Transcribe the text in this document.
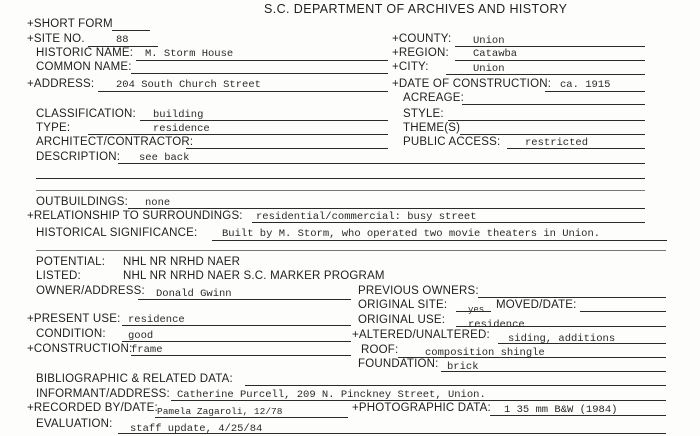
S.C. DEPARTMENT OF ARCHIVES AND HISTORY
+SHORT FORM
+SITE NO.	88	+COUNTY: Union
HISTORIC NAME: M. Storm House	+REGION: Catawba
COMMON NAME:	+CITY:	Union
+ADDRESS: 204 South Church Street	+DATE OF CONSTRUCTION: ca. 1915
ACREAGE:
CLASSIFICATION: building	STYLE:
TYPE:	residence	THEME(S)
ARCHITECT/CONTRACTOR:	PUBLIC ACCESS: restricted
DESCRIPTION: see back
OUTBUILDINGS: none
+RELATIONSHIP TO SURROUNDINGS: residential/commercial: busy street
HISTORICAL SIGNIFICANCE: Built by M. Storm, who operated two movie theaters in Union.
POTENTIAL: NHL NR NRHD NAER
LISTED:	NHL NR NRHD NAER S.C. MARKER PROGRAM
OWNER/ADDRESS: Donald Gwinn	PREVIOUS OWNERS:
ORIGINAL SITE: yes MOVED/DATE:
+PRESENT USE: residence	ORIGINAL USE: residence
CONDITION: good	+ALTERED/UNALTERED: siding, additions
+CONSTRUCTION:
frame	ROOF:	composition shingle
FOUNDATION: brick
BIBLIOGRAPHIC & RELATED DATA:
INFORMANT/ADDRESS: Catherine Purcell, 209 N. Pinckney Street, Union.
+RECORDED BY/DATE: Pamela Zagaroli, 12/78	+PHOTOGRAPHIC DATA: 1 35 mm B&W (1984)
EVALUATION: staff update, 4/25/84
